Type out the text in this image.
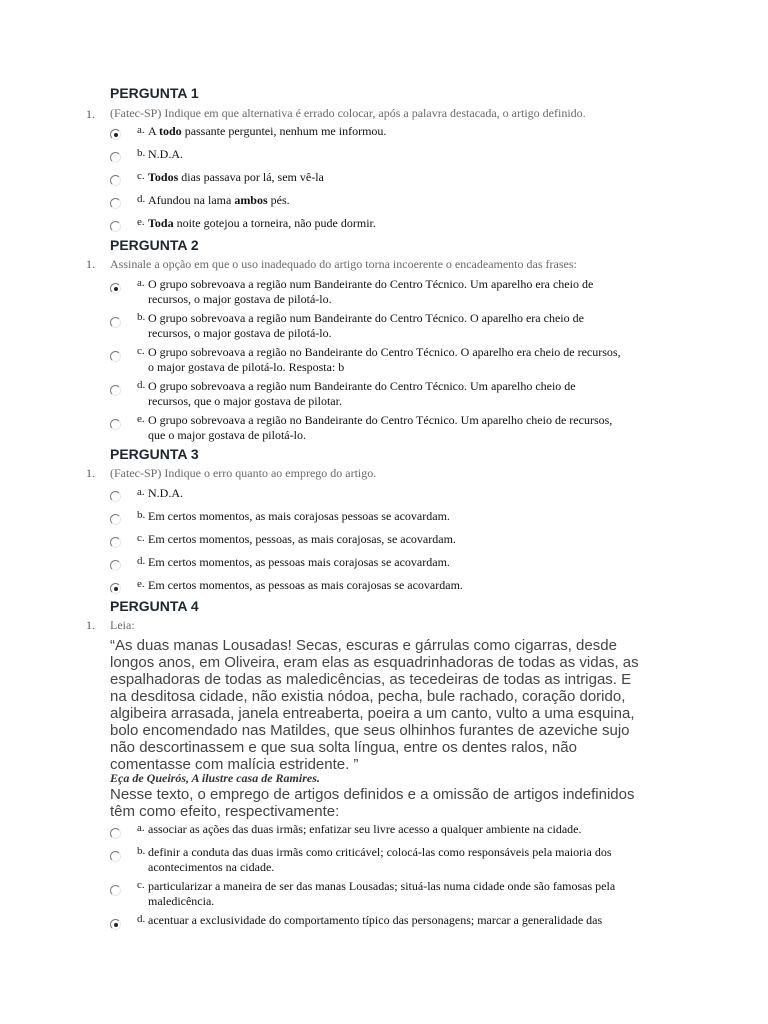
PERGUNTA 1
1. (Fatec-SP) Indique em que alternativa é errado colocar, após a palavra destacada, o artigo definido.
a. A todo passante perguntei, nenhum me informou.
b. N.D.A.
c. Todos dias passava por lá, sem vê-la
d. Afundou na lama ambos pés.
e. Toda noite gotejou a torneira, não pude dormir.
PERGUNTA 2
1. Assinale a opção em que o uso inadequado do artigo torna incoerente o encadeamento das frases:
a. O grupo sobrevoava a região num Bandeirante do Centro Técnico. Um aparelho era cheio de
recursos, o major gostava de pilotá-lo.
b. O grupo sobrevoava a região num Bandeirante do Centro Técnico. O aparelho era cheio de
recursos, o major gostava de pilotá-lo.
c. O grupo sobrevoava a região no Bandeirante do Centro Técnico. O aparelho era cheio de recursos,
o major gostava de pilotá-lo. Resposta: b
d. O grupo sobrevoava a região num Bandeirante do Centro Técnico. Um aparelho cheio de
recursos, que o major gostava de pilotar.
e. O grupo sobrevoava a região no Bandeirante do Centro Técnico. Um aparelho cheio de recursos,
que o major gostava de pilotá-lo.
PERGUNTA 3
1. (Fatec-SP) Indique o erro quanto ao emprego do artigo.
a. N.D.A.
b. Em certos momentos, as mais corajosas pessoas se acovardam.
c. Em certos momentos, pessoas, as mais corajosas, se acovardam.
d. Em certos momentos, as pessoas mais corajosas se acovardam.
e. Em certos momentos, as pessoas as mais corajosas se acovardam.
PERGUNTA 4
1. Leia:
“As duas manas Lousadas! Secas, escuras e gárrulas como cigarras, desde
longos anos, em Oliveira, eram elas as esquadrinhadoras de todas as vidas, as
espalhadoras de todas as maledicências, as tecedeiras de todas as intrigas. E
na desditosa cidade, não existia nódoa, pecha, bule rachado, coração dorido,
algibeira arrasada, janela entreaberta, poeira a um canto, vulto a uma esquina,
bolo encomendado nas Matildes, que seus olhinhos furantes de azeviche sujo
não descortinassem e que sua solta língua, entre os dentes ralos, não
comentasse com malícia estridente. ”
Eça de Queirós, A ilustre casa de Ramires.
Nesse texto, o emprego de artigos definidos e a omissão de artigos indefinidos
têm como efeito, respectivamente:
a. associar as ações das duas irmãs; enfatizar seu livre acesso a qualquer ambiente na cidade.
b. definir a conduta das duas irmãs como criticável; colocá-las como responsáveis pela maioria dos
acontecimentos na cidade.
c. particularizar a maneira de ser das manas Lousadas; situá-las numa cidade onde são famosas pela
maledicência.
d. acentuar a exclusividade do comportamento típico das personagens; marcar a generalidade das
